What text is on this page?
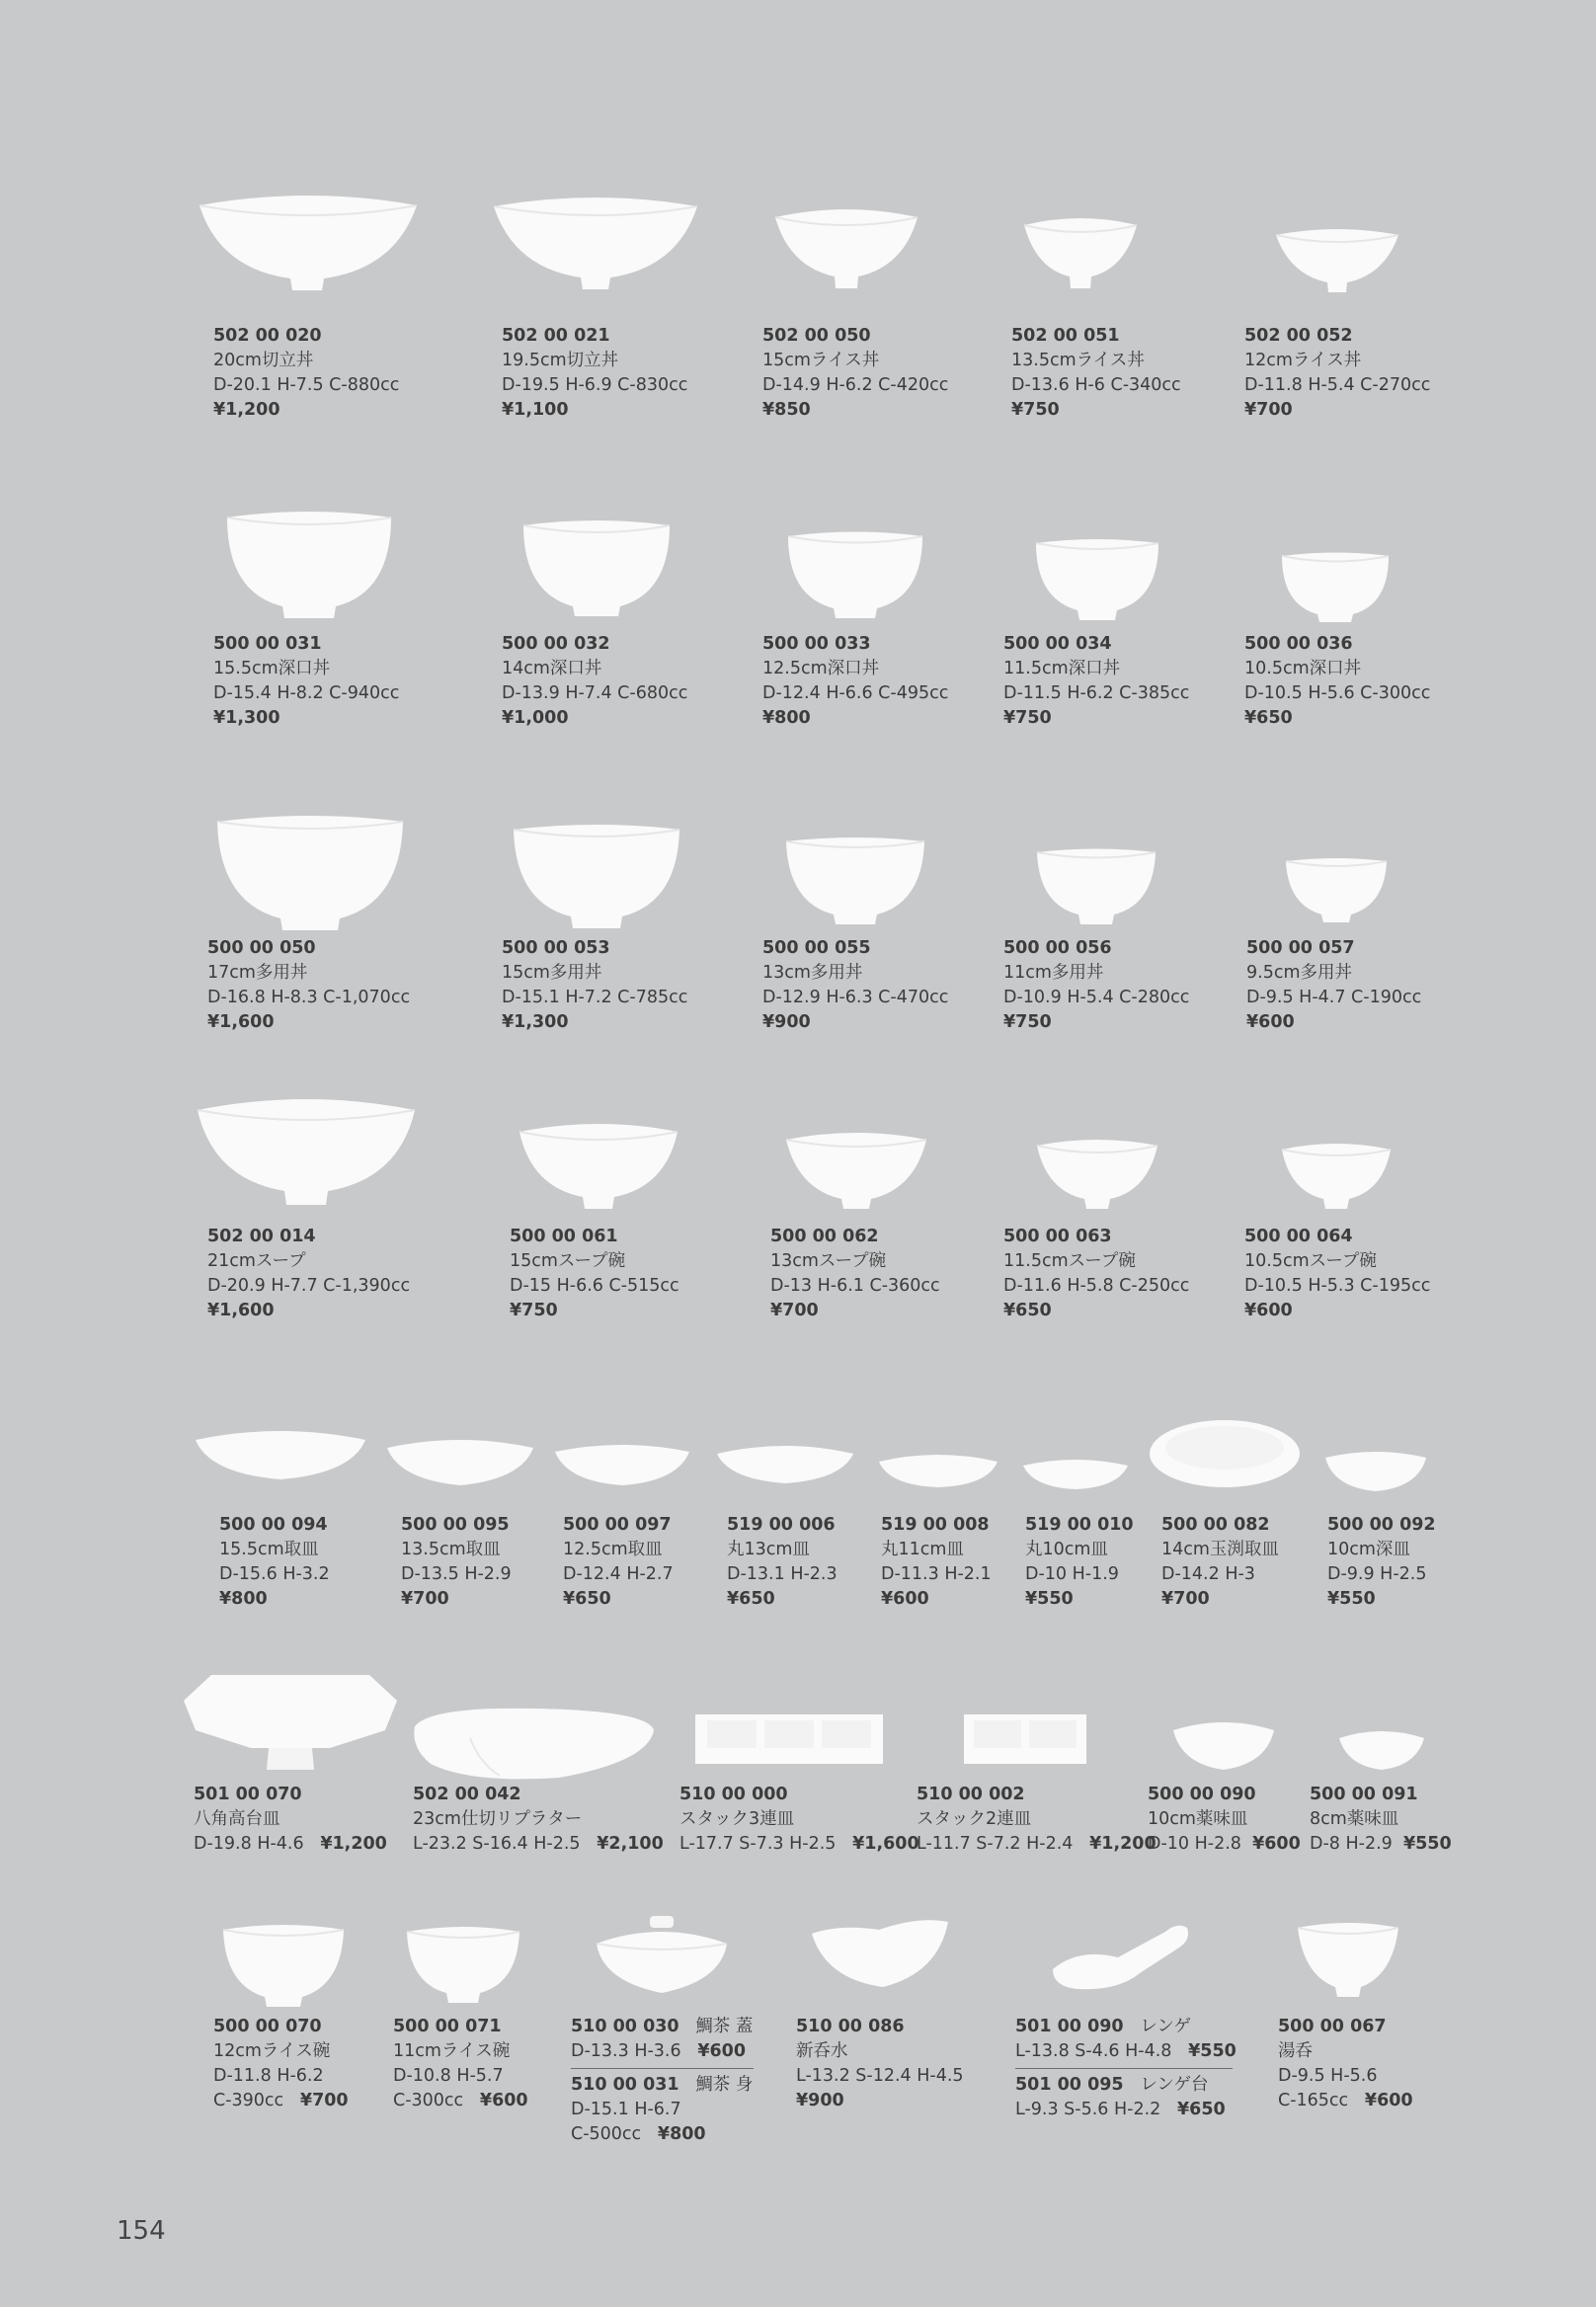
502 00 020
20cm切立丼
D-20.1 H-7.5 C-880cc
¥1,200
502 00 021
19.5cm切立丼
D-19.5 H-6.9 C-830cc
¥1,100
502 00 050
15cmライス丼
D-14.9 H-6.2 C-420cc
¥850
502 00 051
13.5cmライス丼
D-13.6 H-6 C-340cc
¥750
502 00 052
12cmライス丼
D-11.8 H-5.4 C-270cc
¥700
500 00 031
15.5cm深口丼
D-15.4 H-8.2 C-940cc
¥1,300
500 00 032
14cm深口丼
D-13.9 H-7.4 C-680cc
¥1,000
500 00 033
12.5cm深口丼
D-12.4 H-6.6 C-495cc
¥800
500 00 034
11.5cm深口丼
D-11.5 H-6.2 C-385cc
¥750
500 00 036
10.5cm深口丼
D-10.5 H-5.6 C-300cc
¥650
500 00 050
17cm多用丼
D-16.8 H-8.3 C-1,070cc
¥1,600
500 00 053
15cm多用丼
D-15.1 H-7.2 C-785cc
¥1,300
500 00 055
13cm多用丼
D-12.9 H-6.3 C-470cc
¥900
500 00 056
11cm多用丼
D-10.9 H-5.4 C-280cc
¥750
500 00 057
9.5cm多用丼
D-9.5 H-4.7 C-190cc
¥600
502 00 014
21cmスープ
D-20.9 H-7.7 C-1,390cc
¥1,600
500 00 061
15cmスープ碗
D-15 H-6.6 C-515cc
¥750
500 00 062
13cmスープ碗
D-13 H-6.1 C-360cc
¥700
500 00 063
11.5cmスープ碗
D-11.6 H-5.8 C-250cc
¥650
500 00 064
10.5cmスープ碗
D-10.5 H-5.3 C-195cc
¥600
500 00 094
15.5cm取皿
D-15.6 H-3.2
¥800
500 00 095
13.5cm取皿
D-13.5 H-2.9
¥700
500 00 097
12.5cm取皿
D-12.4 H-2.7
¥650
519 00 006
丸13cm皿
D-13.1 H-2.3
¥650
519 00 008
丸11cm皿
D-11.3 H-2.1
¥600
519 00 010
丸10cm皿
D-10 H-1.9
¥550
500 00 082
14cm玉渕取皿
D-14.2 H-3
¥700
500 00 092
10cm深皿
D-9.9 H-2.5
¥550
501 00 070
八角高台皿
D-19.8 H-4.6 ¥1,200
502 00 042
23cm仕切リプラター
L-23.2 S-16.4 H-2.5 ¥2,100
510 00 000
スタック3連皿
L-17.7 S-7.3 H-2.5 ¥1,600
510 00 002
スタック2連皿
L-11.7 S-7.2 H-2.4 ¥1,200
500 00 090
10cm薬味皿
D-10 H-2.8 ¥600
500 00 091
8cm薬味皿
D-8 H-2.9 ¥550
500 00 070
12cmライス碗
D-11.8 H-6.2
C-390cc ¥700
500 00 071
11cmライス碗
D-10.8 H-5.7
C-300cc ¥600
510 00 030 鯛茶 蓋
D-13.3 H-3.6 ¥600
510 00 031 鯛茶 身
D-15.1 H-6.7
C-500cc ¥800
510 00 086
新呑水
L-13.2 S-12.4 H-4.5
¥900
501 00 090 レンゲ
L-13.8 S-4.6 H-4.8 ¥550
501 00 095 レンゲ台
L-9.3 S-5.6 H-2.2 ¥650
500 00 067
湯呑
D-9.5 H-5.6
C-165cc ¥600
154
